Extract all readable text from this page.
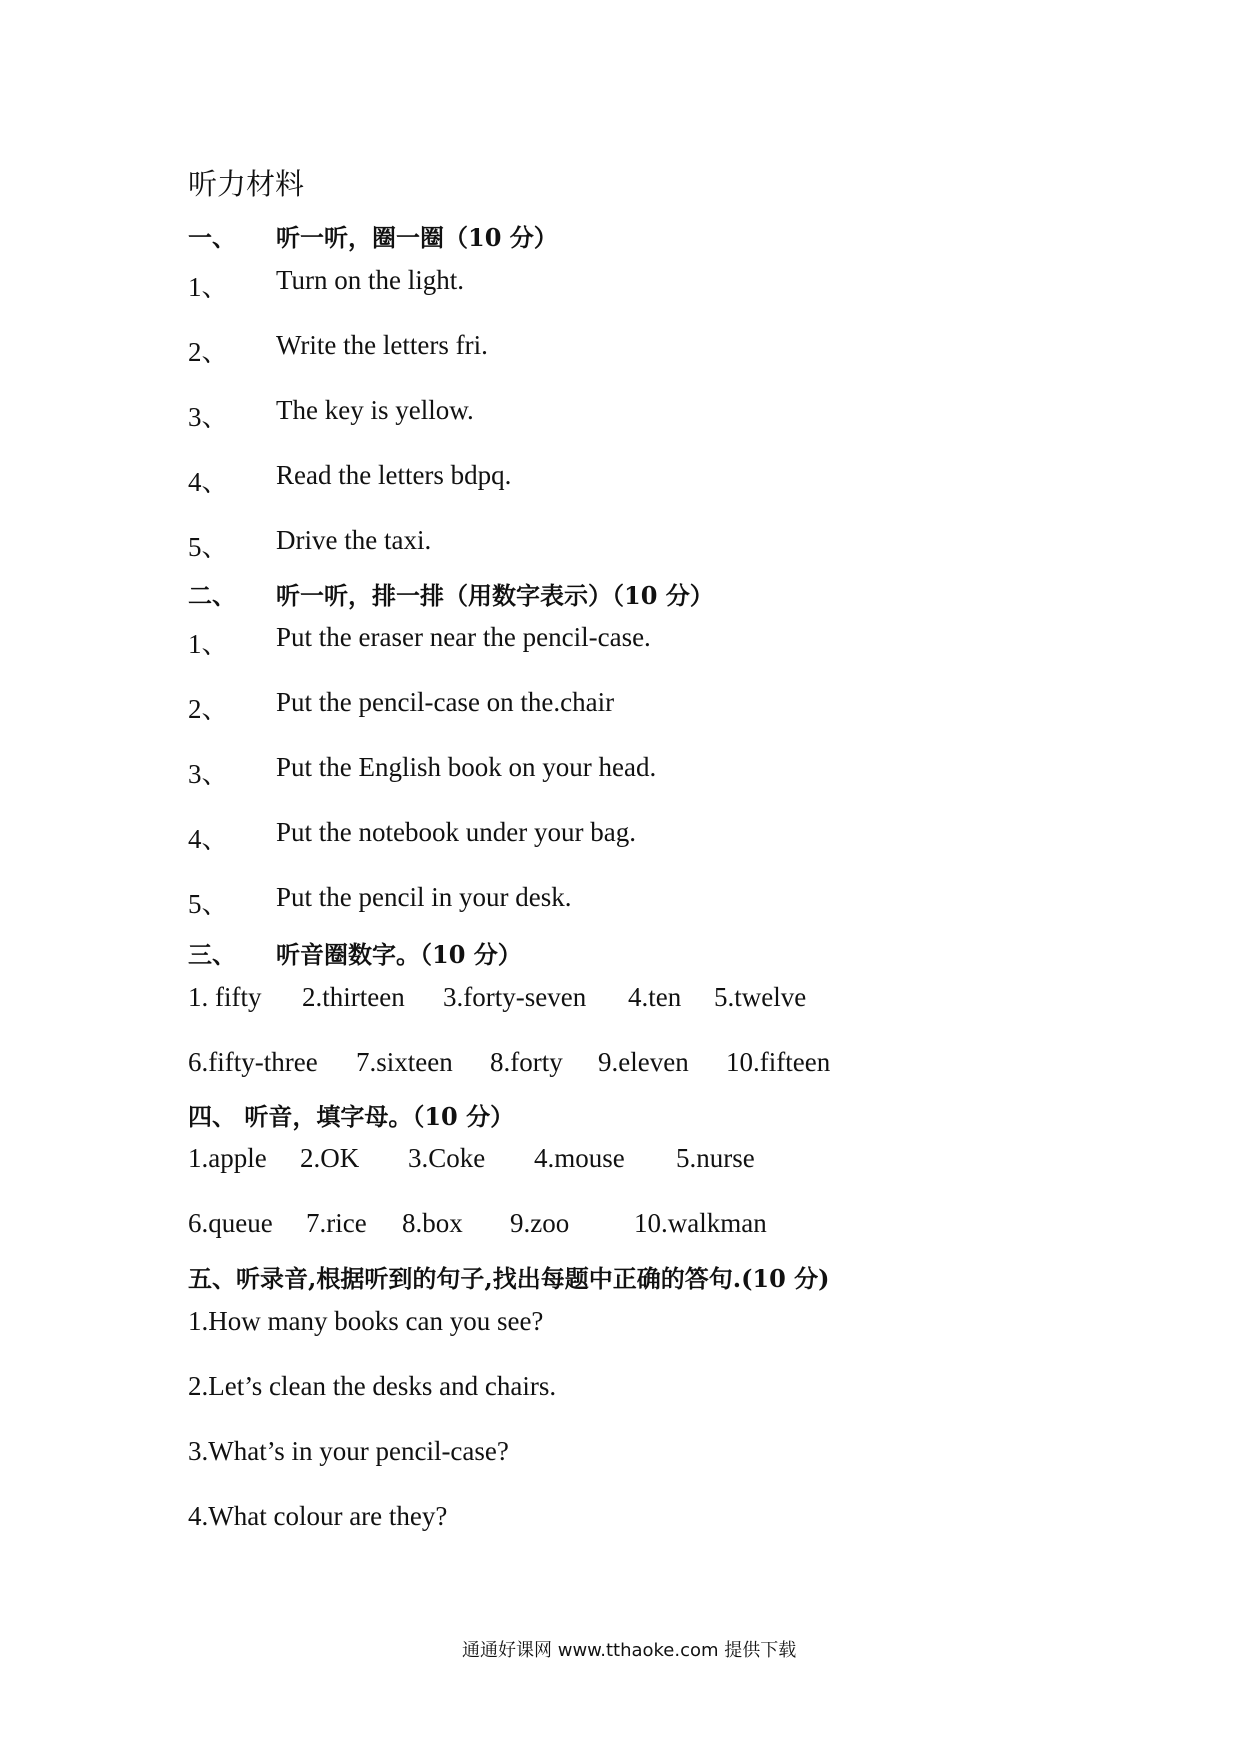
听力材料
一、 听一听，圈一圈（10 分）
1、 Turn on the light.
2、 Write the letters fri.
3、 The key is yellow.
4、 Read the letters bdpq.
5、 Drive the taxi.
二、 听一听，排一排（用数字表示）（10 分）
1、 Put the eraser near the pencil-case.
2、 Put the pencil-case on the.chair
3、 Put the English book on your head.
4、 Put the notebook under your bag.
5、 Put the pencil in your desk.
三、 听音圈数字。（10 分）
1. fifty 2.thirteen 3.forty-seven 4.ten 5.twelve
6.fifty-three 7.sixteen 8.forty 9.eleven 10.fifteen
四、 听音，填字母。（10 分）
1.apple 2.OK 3.Coke 4.mouse 5.nurse
6.queue 7.rice 8.box 9.zoo 10.walkman
五、听录音,根据听到的句子,找出每题中正确的答句.(10 分)
1.How many books can you see?
2.Let’s clean the desks and chairs.
3.What’s in your pencil-case?
4.What colour are they?
通通好课网 www.tthaoke.com 提供下载
